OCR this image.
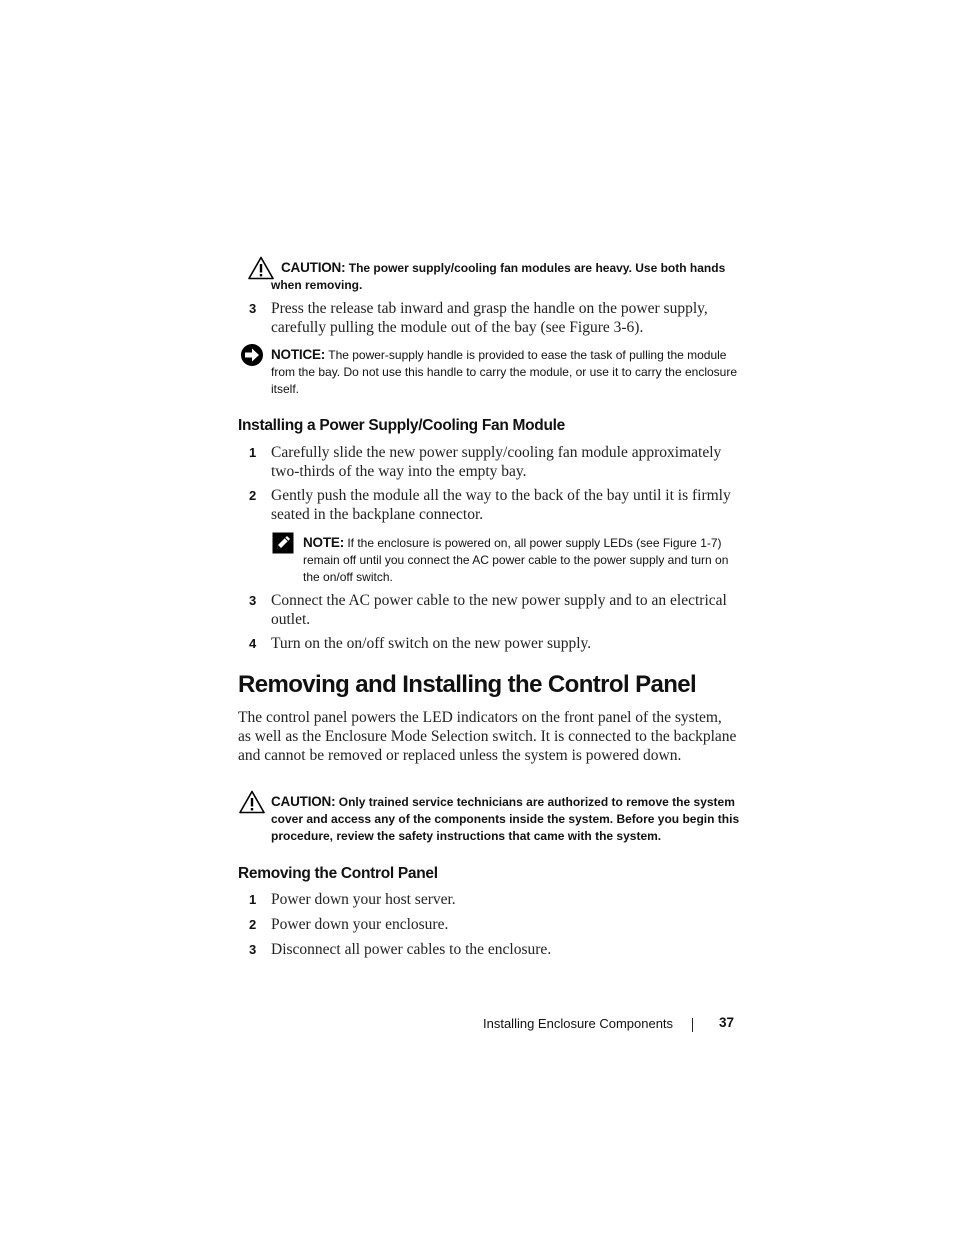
CAUTION: The power supply/cooling fan modules are heavy. Use both hands when removing.
3 Press the release tab inward and grasp the handle on the power supply, carefully pulling the module out of the bay (see Figure 3-6).
NOTICE: The power-supply handle is provided to ease the task of pulling the module from the bay. Do not use this handle to carry the module, or use it to carry the enclosure itself.
Installing a Power Supply/Cooling Fan Module
1 Carefully slide the new power supply/cooling fan module approximately two-thirds of the way into the empty bay.
2 Gently push the module all the way to the back of the bay until it is firmly seated in the backplane connector.
NOTE: If the enclosure is powered on, all power supply LEDs (see Figure 1-7) remain off until you connect the AC power cable to the power supply and turn on the on/off switch.
3 Connect the AC power cable to the new power supply and to an electrical outlet.
4 Turn on the on/off switch on the new power supply.
Removing and Installing the Control Panel
The control panel powers the LED indicators on the front panel of the system, as well as the Enclosure Mode Selection switch. It is connected to the backplane and cannot be removed or replaced unless the system is powered down.
CAUTION: Only trained service technicians are authorized to remove the system cover and access any of the components inside the system. Before you begin this procedure, review the safety instructions that came with the system.
Removing the Control Panel
1 Power down your host server.
2 Power down your enclosure.
3 Disconnect all power cables to the enclosure.
Installing Enclosure Components	37
